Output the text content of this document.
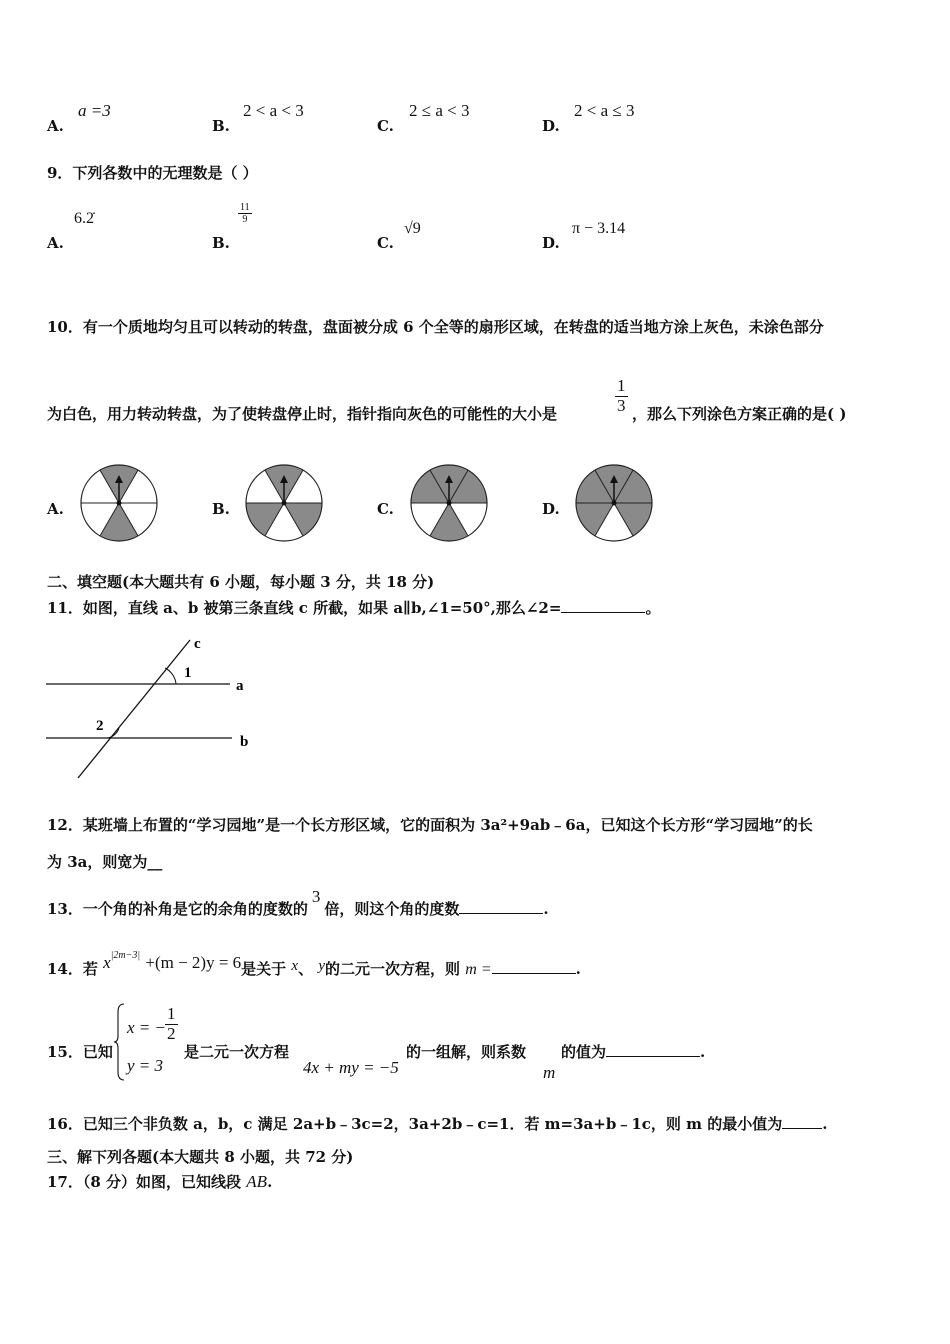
A.
a =3
B.
2 < a < 3
C.
2 ≤ a < 3
D.
2 < a ≤ 3
9．下列各数中的无理数是（ ）
A.
6.2̇
B.
$\frac{11}{9}$
C.
√9
D.
π − 3.14
10．有一个质地均匀且可以转动的转盘，盘面被分成 6 个全等的扇形区域，在转盘的适当地方涂上灰色，未涂色部分
为白色，用力转动转盘，为了使转盘停止时，指针指向灰色的可能性的大小是	$\frac{1}{3}$ ，那么下列涂色方案正确的是( )
A.	B.	C.	D.
二、填空题(本大题共有 6 小题，每小题 3 分，共 18 分)
11．如图，直线 a、b 被第三条直线 c 所截，如果 a∥b,∠1=50°,那么∠2=	。
c
1
a
2
b
12．某班墙上布置的“学习园地”是一个长方形区域，它的面积为 3a²+9ab﹣6a，已知这个长方形“学习园地”的长
为 3a，则宽为__
13．一个角的补角是它的余角的度数的3倍，则这个角的度数	.
14．若 $x^{|2m-3|} +(m - 2)y = 6$是关于 x、 y的二元一次方程，则 m =	.
15．已知
x = − $\frac{1}{2}$
y = 3
是二元一次方程
4x + my = −5
的一组解，则系数
m
的值为	.
16．已知三个非负数 a，b，c 满足 2a+b﹣3c=2，3a+2b﹣c=1．若 m=3a+b﹣1c，则 m 的最小值为	.
三、解下列各题(本大题共 8 小题，共 72 分)
17．（8 分）如图，已知线段 AB.
